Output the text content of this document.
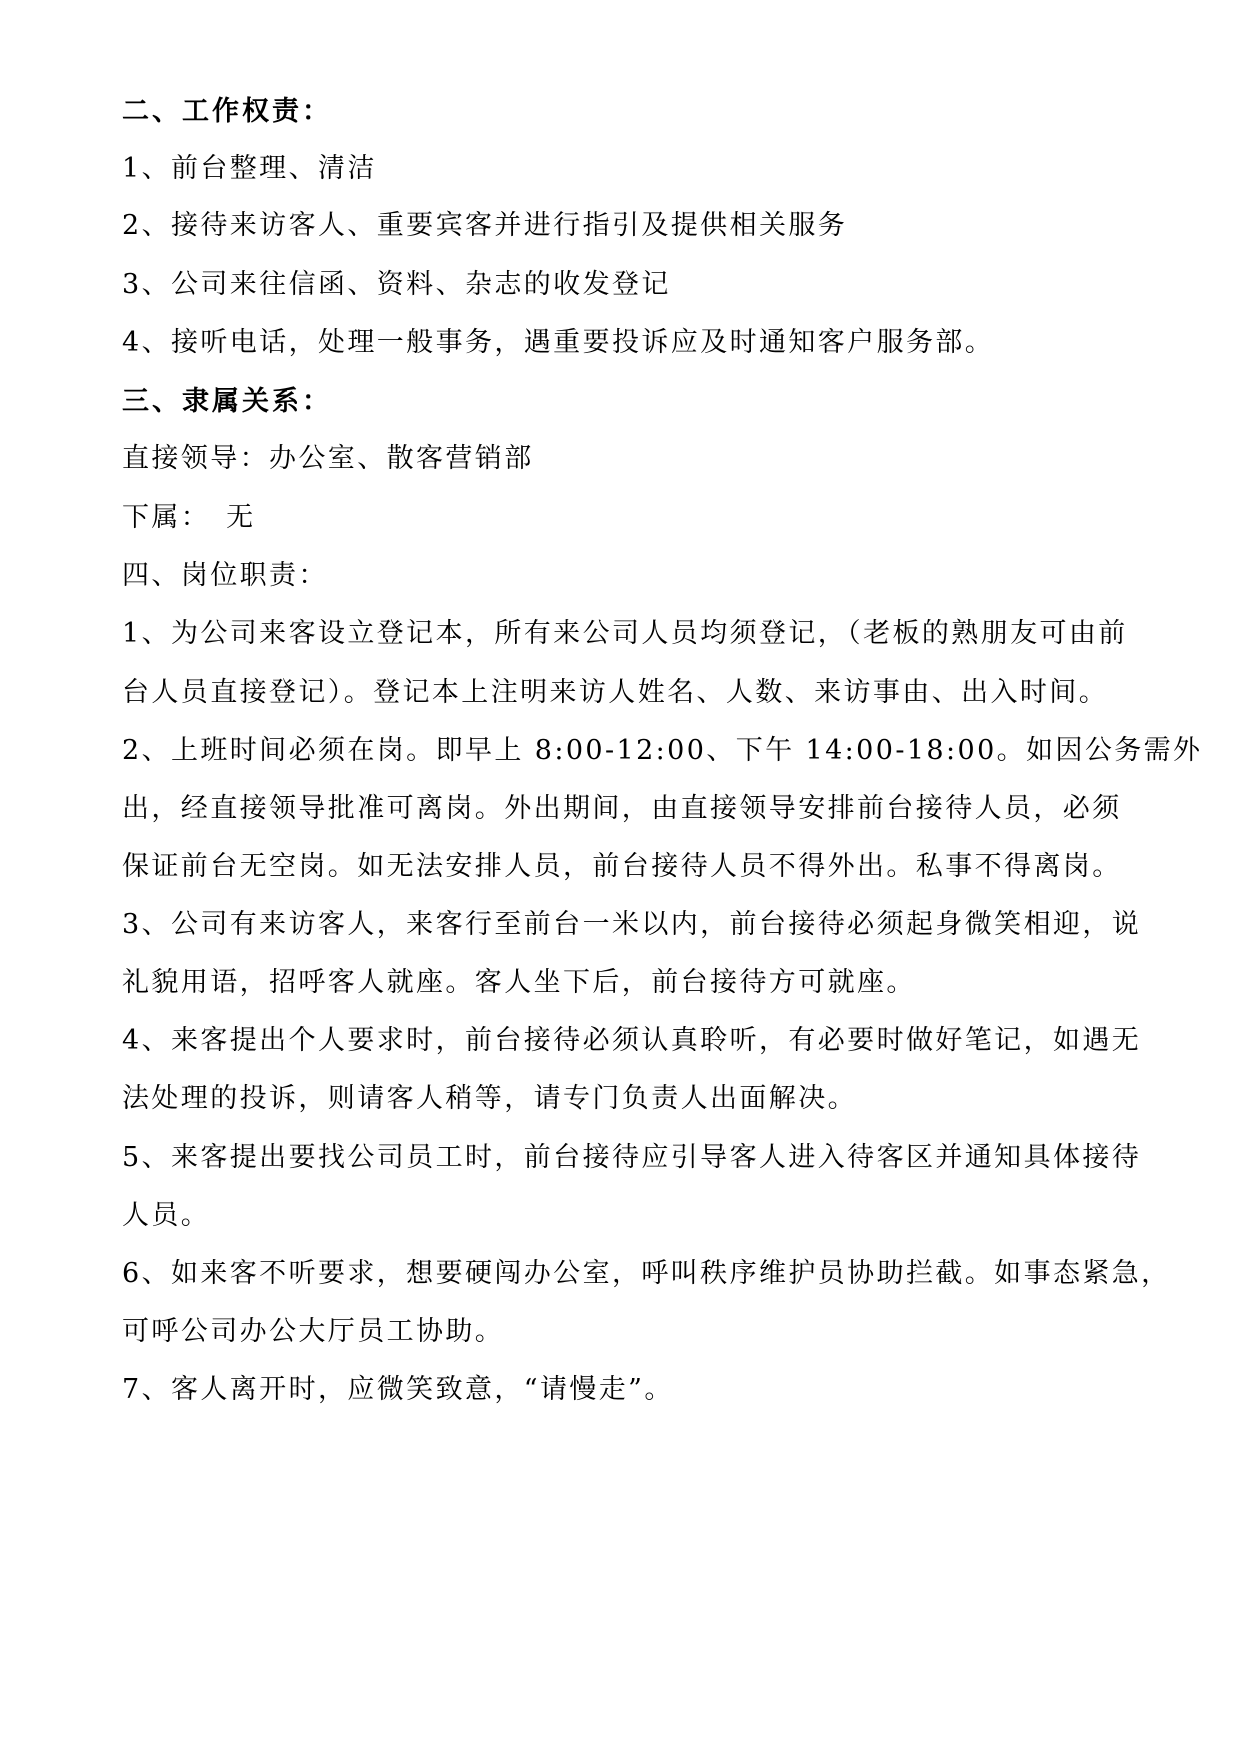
二、工作权责：
1、前台整理、清洁
2、接待来访客人、重要宾客并进行指引及提供相关服务
3、公司来往信函、资料、杂志的收发登记
4、接听电话，处理一般事务，遇重要投诉应及时通知客户服务部。
三、隶属关系：
直接领导：办公室、散客营销部
下属：　无
四、岗位职责：
1、为公司来客设立登记本，所有来公司人员均须登记，（老板的熟朋友可由前
台人员直接登记）。登记本上注明来访人姓名、人数、来访事由、出入时间。
2、上班时间必须在岗。即早上 8:00-12:00、下午 14:00-18:00。如因公务需外
出，经直接领导批准可离岗。外出期间，由直接领导安排前台接待人员，必须
保证前台无空岗。如无法安排人员，前台接待人员不得外出。私事不得离岗。
3、公司有来访客人，来客行至前台一米以内，前台接待必须起身微笑相迎，说
礼貌用语，招呼客人就座。客人坐下后，前台接待方可就座。
4、来客提出个人要求时，前台接待必须认真聆听，有必要时做好笔记，如遇无
法处理的投诉，则请客人稍等，请专门负责人出面解决。
5、来客提出要找公司员工时，前台接待应引导客人进入待客区并通知具体接待
人员。
6、如来客不听要求，想要硬闯办公室，呼叫秩序维护员协助拦截。如事态紧急，
可呼公司办公大厅员工协助。
7、客人离开时，应微笑致意，“请慢走”。
